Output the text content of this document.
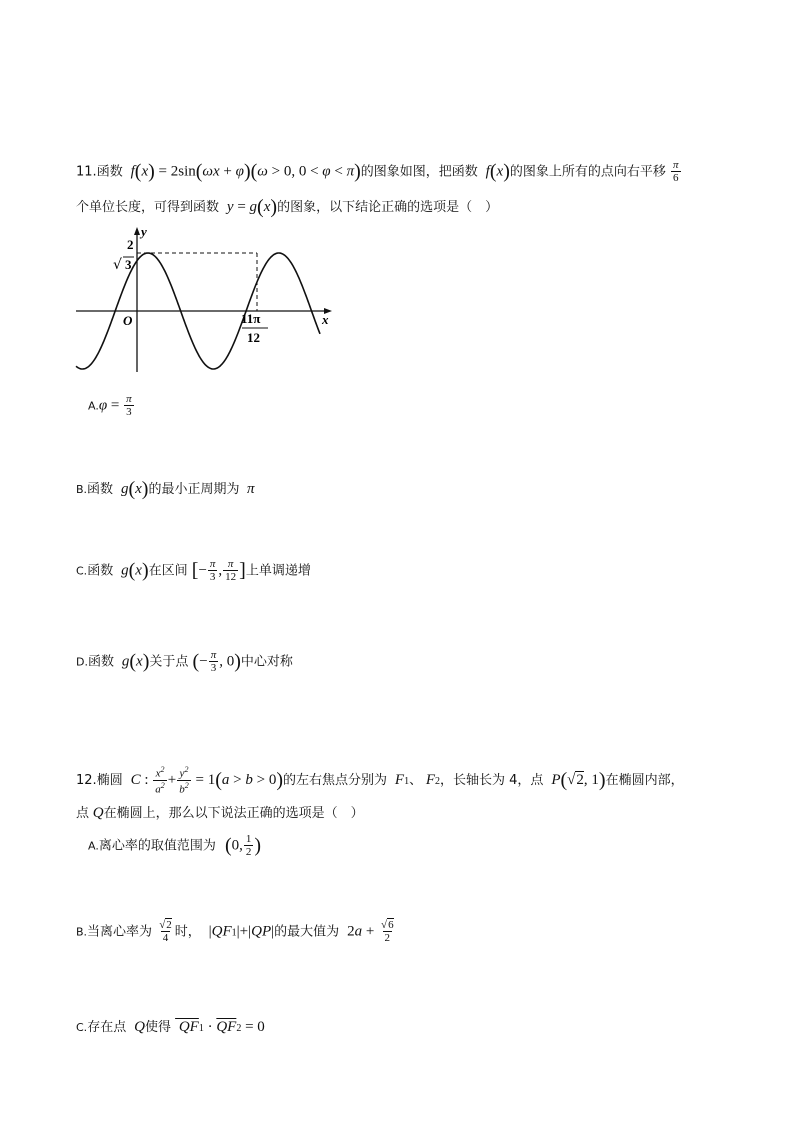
11.函数  f(x) = 2sin(ωx + φ)(ω > 0, 0 < φ < π)的图象如图，把函数  f(x)的图象上所有的点向右平移 $\frac{\pi}{6}$
个单位长度，可得到函数  y = g(x)的图象，以下结论正确的选项是（　）
y
x
O
2
√ 3
11π
12
$A.\varphi = \frac{\pi}{3}$
B.函数  g(x)的最小正周期为  π
C.函数  g(x)在区间 [− $\frac{\pi}{3}$ , $\frac{\pi}{12}$ ]上单调递增
D.函数  g(x)关于点 (− $\frac{\pi}{3}$ , 0)中心对称
12.椭圆  C : $\frac{x^2}{a^2} + \frac{y^2}{b^2} = 1(a > b > 0)$的左右焦点分别为  F1、 F2，长轴长为 4，点  P(√2, 1)在椭圆内部，
点 Q在椭圆上，那么以下说法正确的选项是（　）
A.离心率的取值范围为  (0, $\frac{1}{2}$ )
B.当离心率为 $\frac{√2}{4}$ 时，  |QF1|+|QP|的最大值为  $2a + \frac{√6}{2}$
C.存在点  Q使得  $QF1 \cdot \overline{QF}2 = 0$
